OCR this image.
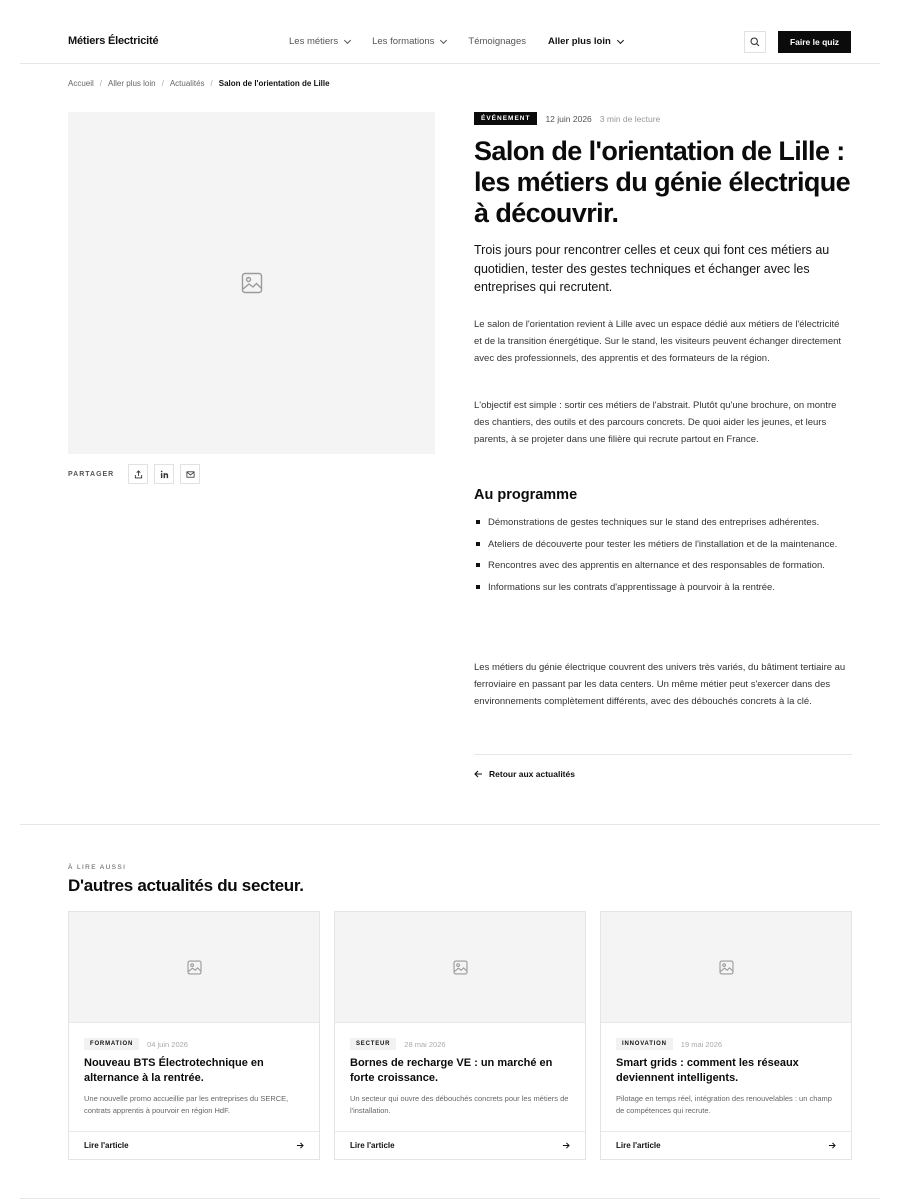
Métiers Électricité	Les métiers	Les formations	Témoignages Aller plus loin	Faire le quiz
Accueil / Aller plus loin / Actualités / Salon de l'orientation de Lille
PARTAGER
ÉVÉNEMENT	12 juin 2026 3 min de lecture
Salon de l'orientation de Lille : les métiers du génie électrique à découvrir.

Trois jours pour rencontrer celles et ceux qui font ces métiers au quotidien, tester des gestes techniques et échanger avec les entreprises qui recrutent.

Le salon de l'orientation revient à Lille avec un espace dédié aux métiers de l'électricité et de la transition énergétique. Sur le stand, les visiteurs peuvent échanger directement avec des professionnels, des apprentis et des formateurs de la région.

L'objectif est simple : sortir ces métiers de l'abstrait. Plutôt qu'une brochure, on montre des chantiers, des outils et des parcours concrets. De quoi aider les jeunes, et leurs parents, à se projeter dans une filière qui recrute partout en France.

Au programme
Démonstrations de gestes techniques sur le stand des entreprises adhérentes.
Ateliers de découverte pour tester les métiers de l'installation et de la maintenance.
Rencontres avec des apprentis en alternance et des responsables de formation.
Informations sur les contrats d'apprentissage à pourvoir à la rentrée.

Les métiers du génie électrique couvrent des univers très variés, du bâtiment tertiaire au ferroviaire en passant par les data centers. Un même métier peut s'exercer dans des environnements complètement différents, avec des débouchés concrets à la clé.

Retour aux actualités
À LIRE AUSSI
D'autres actualités du secteur.
FORMATION	04 juin 2026
Nouveau BTS Électrotechnique en alternance à la rentrée.
Une nouvelle promo accueillie par les entreprises du SERCE, contrats apprentis à pourvoir en région HdF.
Lire l'article
SECTEUR	28 mai 2026
Bornes de recharge VE : un marché en forte croissance.
Un secteur qui ouvre des débouchés concrets pour les métiers de l'installation.
Lire l'article
INNOVATION	19 mai 2026
Smart grids : comment les réseaux deviennent intelligents.
Pilotage en temps réel, intégration des renouvelables : un champ de compétences qui recrute.
Lire l'article
